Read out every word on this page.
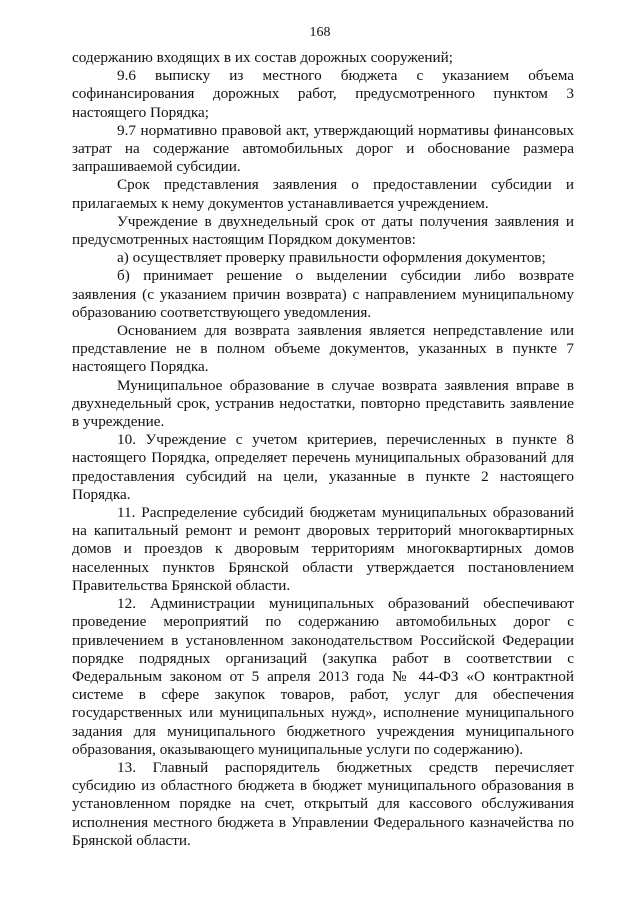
168

содержанию входящих в их состав дорожных сооружений;

9.6 выписку из местного бюджета с указанием объема софинансирования дорожных работ, предусмотренного пунктом 3 настоящего Порядка;

9.7 нормативно правовой акт, утверждающий нормативы финансовых затрат на содержание автомобильных дорог и обоснование размера запрашиваемой субсидии.

Срок представления заявления о предоставлении субсидии и прилагаемых к нему документов устанавливается учреждением.

Учреждение в двухнедельный срок от даты получения заявления и предусмотренных настоящим Порядком документов:

а) осуществляет проверку правильности оформления документов;

б) принимает решение о выделении субсидии либо возврате заявления (с указанием причин возврата) с направлением муниципальному образованию соответствующего уведомления.

Основанием для возврата заявления является непредставление или представление не в полном объеме документов, указанных в пункте 7 настоящего Порядка.

Муниципальное образование в случае возврата заявления вправе в двухнедельный срок, устранив недостатки, повторно представить заявление в учреждение.

10. Учреждение с учетом критериев, перечисленных в пункте 8 настоящего Порядка, определяет перечень муниципальных образований для предоставления субсидий на цели, указанные в пункте 2 настоящего Порядка.

11. Распределение субсидий бюджетам муниципальных образований на капитальный ремонт и ремонт дворовых территорий многоквартирных домов и проездов к дворовым территориям многоквартирных домов населенных пунктов Брянской области утверждается постановлением Правительства Брянской области.

12. Администрации муниципальных образований обеспечивают проведение мероприятий по содержанию автомобильных дорог с привлечением в установленном законодательством Российской Федерации порядке подрядных организаций (закупка работ в соответствии с Федеральным законом от 5 апреля 2013 года № 44-ФЗ «О контрактной системе в сфере закупок товаров, работ, услуг для обеспечения государственных или муниципальных нужд», исполнение муниципального задания для муниципального бюджетного учреждения муниципального образования, оказывающего муниципальные услуги по содержанию).

13. Главный распорядитель бюджетных средств перечисляет субсидию из областного бюджета в бюджет муниципального образования в установленном порядке на счет, открытый для кассового обслуживания исполнения местного бюджета в Управлении Федерального казначейства по Брянской области.
